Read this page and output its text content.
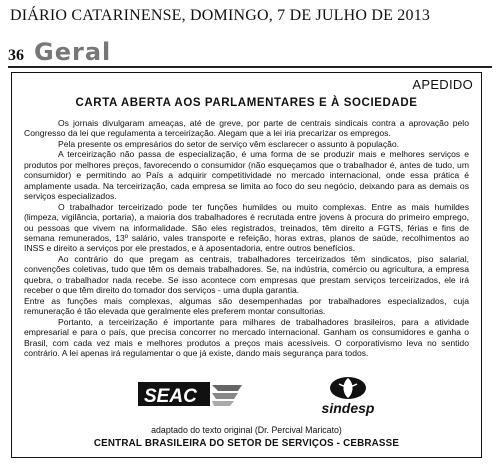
DIÁRIO CATARINENSE, DOMINGO, 7 DE JULHO DE 2013
36 Geral
APEDIDO
CARTA ABERTA AOS PARLAMENTARES E À SOCIEDADE

Os jornais divulgaram ameaças, até de greve, por parte de centrais sindicais contra a aprovação pelo Congresso da lei que regulamenta a terceirização. Alegam que a lei iria precarizar os empregos.

Pela presente os empresários do setor de serviço vêm esclarecer o assunto à população.

A terceirização não passa de especialização, é uma forma de se produzir mais e melhores serviços e produtos por melhores preços, favorecendo o consumidor (não esqueçamos que o trabalhador é, antes de tudo, um consumidor) e permitindo ao País a adquirir competitividade no mercado internacional, onde essa prática é amplamente usada. Na terceirização, cada empresa se limita ao foco do seu negócio, deixando para as demais os serviços especializados.

O trabalhador terceirizado pode ter funções humildes ou muito complexas. Entre as mais humildes (limpeza, vigilância, portaria), a maioria dos trabalhadores é recrutada entre jovens à procura do primeiro emprego, ou pessoas que vivem na informalidade. São eles registrados, treinados, têm direito a FGTS, férias e fins de semana remunerados, 13º salário, vales transporte e refeição, horas extras, planos de saúde, recolhimentos ao INSS e direito a serviços por ele prestados, e à aposentadoria, entre outros benefícios.

Ao contrário do que pregam as centrais, trabalhadores terceirizados têm sindicatos, piso salarial, convenções coletivas, tudo que têm os demais trabalhadores. Se, na indústria, comércio ou agricultura, a empresa quebra, o trabalhador nada recebe. Se isso acontece com empresas que prestam serviços terceirizados, ele irá receber o que têm direito do tomador dos serviços - uma dupla garantia.

Entre as funções mais complexas, algumas são desempenhadas por trabalhadores especializados, cuja remuneração é tão elevada que geralmente eles preferem montar consultorias.

Portanto, a terceirização é importante para milhares de trabalhadores brasileiros, para a atividade empresarial e para o país, que precisa concorrer no mercado internacional. Ganham os consumidores e ganha o Brasil, com cada vez mais e melhores produtos a preços mais acessíveis. O corporativismo leva no sentido contrário. A lei apenas irá regulamentar o que já existe, dando mais segurança para todos.

SEAC
sindesp
adaptado do texto original (Dr. Percival Maricato)
CENTRAL BRASILEIRA DO SETOR DE SERVIÇOS - CEBRASSE
